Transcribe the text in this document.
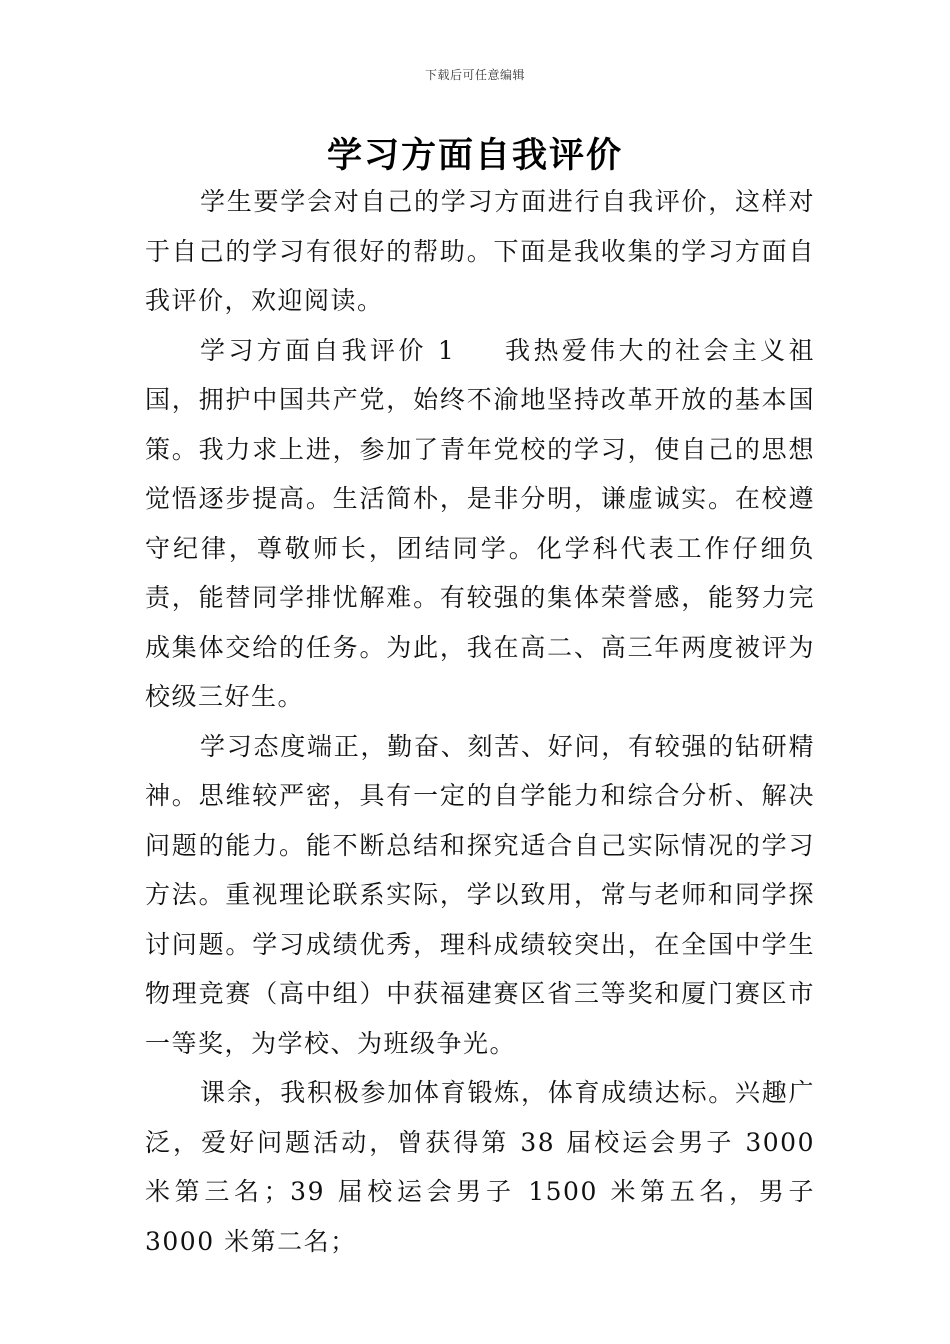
下载后可任意编辑
学习方面自我评价

学生要学会对自己的学习方面进行自我评价，这样对于自己的学习有很好的帮助。下面是我收集的学习方面自我评价，欢迎阅读。

学习方面自我评价 1 我热爱伟大的社会主义祖国，拥护中国共产党，始终不渝地坚持改革开放的基本国策。我力求上进，参加了青年党校的学习，使自己的思想觉悟逐步提高。生活简朴，是非分明，谦虚诚实。在校遵守纪律，尊敬师长，团结同学。化学科代表工作仔细负责，能替同学排忧解难。有较强的集体荣誉感，能努力完成集体交给的任务。为此，我在高二、高三年两度被评为校级三好生。

学习态度端正，勤奋、刻苦、好问，有较强的钻研精神。思维较严密，具有一定的自学能力和综合分析、解决问题的能力。能不断总结和探究适合自己实际情况的学习方法。重视理论联系实际，学以致用，常与老师和同学探讨问题。学习成绩优秀，理科成绩较突出，在全国中学生物理竞赛（高中组）中获福建赛区省三等奖和厦门赛区市一等奖，为学校、为班级争光。

课余，我积极参加体育锻炼，体育成绩达标。兴趣广泛，爱好问题活动，曾获得第 38 届校运会男子 3000 米第三名；39 届校运会男子 1500 米第五名，男子 3000 米第二名；
